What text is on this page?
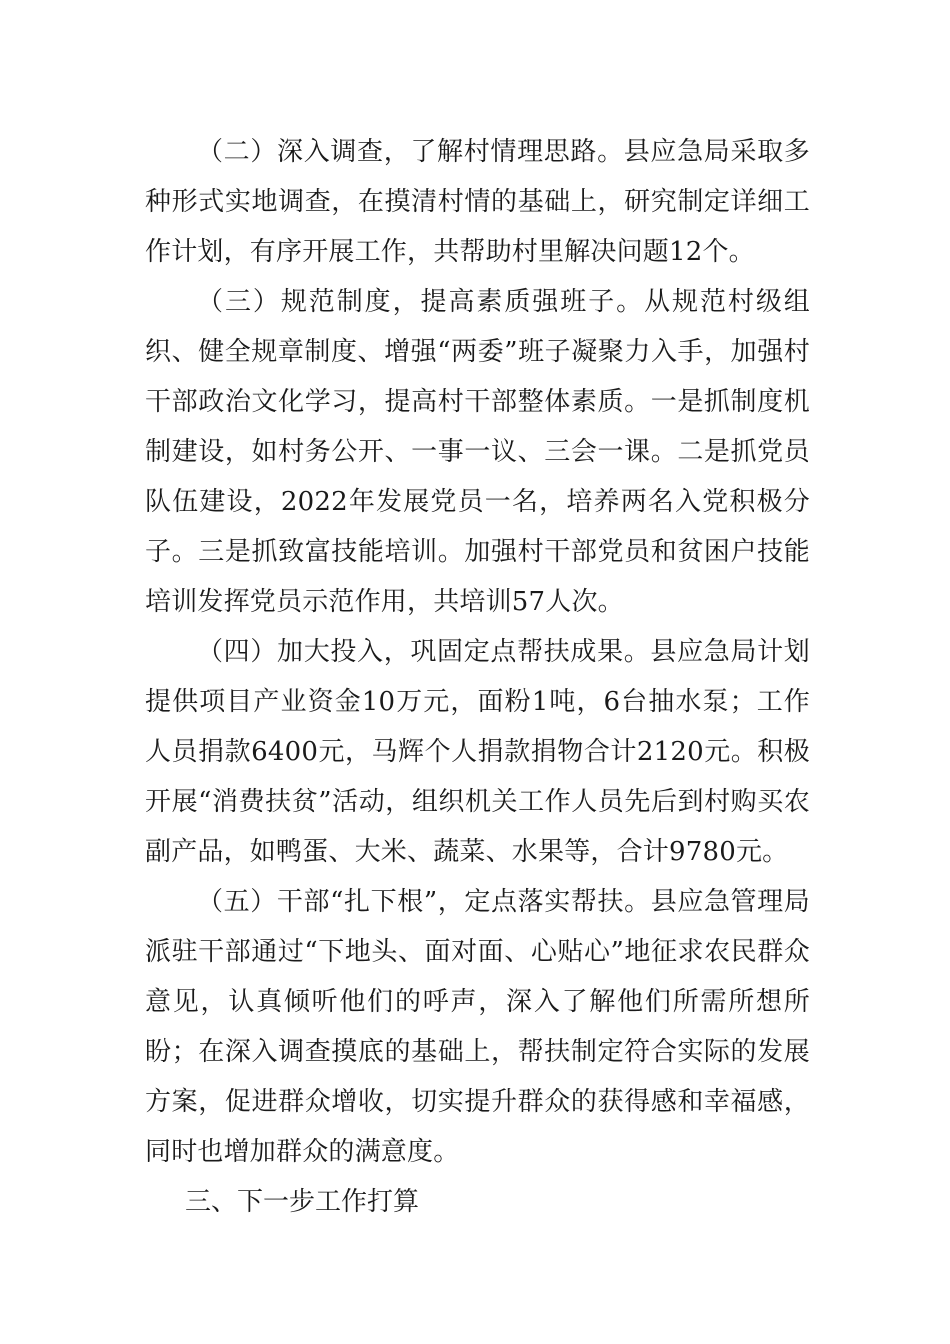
（二）深入调查，了解村情理思路。县应急局采取多种形式实地调查，在摸清村情的基础上，研究制定详细工作计划，有序开展工作，共帮助村里解决问题12个。

（三）规范制度，提高素质强班子。从规范村级组织、健全规章制度、增强“两委”班子凝聚力入手，加强村干部政治文化学习，提高村干部整体素质。一是抓制度机制建设，如村务公开、一事一议、三会一课。二是抓党员队伍建设，2022年发展党员一名，培养两名入党积极分子。三是抓致富技能培训。加强村干部党员和贫困户技能培训发挥党员示范作用，共培训57人次。

（四）加大投入，巩固定点帮扶成果。县应急局计划提供项目产业资金10万元，面粉1吨，6台抽水泵；工作人员捐款6400元，马辉个人捐款捐物合计2120元。积极开展“消费扶贫”活动，组织机关工作人员先后到村购买农副产品，如鸭蛋、大米、蔬菜、水果等，合计9780元。

（五）干部“扎下根”，定点落实帮扶。县应急管理局派驻干部通过“下地头、面对面、心贴心”地征求农民群众意见，认真倾听他们的呼声，深入了解他们所需所想所盼；在深入调查摸底的基础上，帮扶制定符合实际的发展方案，促进群众增收，切实提升群众的获得感和幸福感，同时也增加群众的满意度。

三、下一步工作打算
